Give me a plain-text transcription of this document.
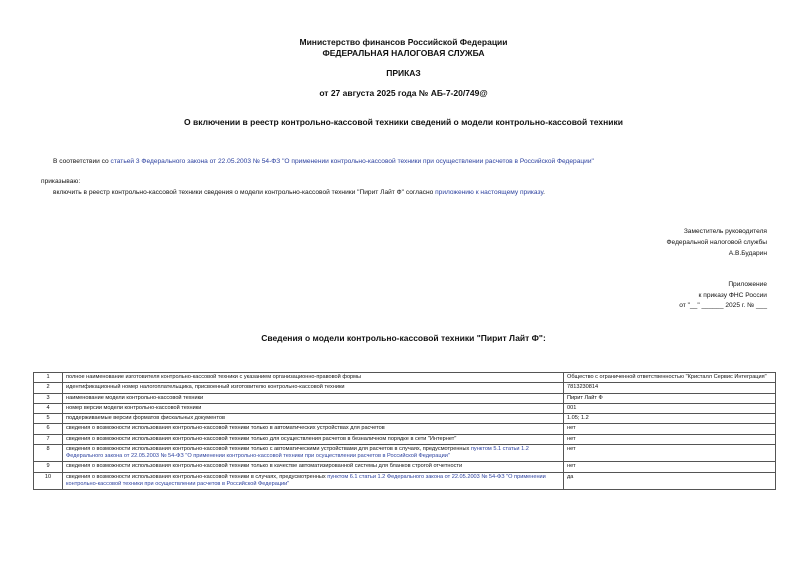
Министерство финансов Российской Федерации
ФЕДЕРАЛЬНАЯ НАЛОГОВАЯ СЛУЖБА
ПРИКАЗ
от 27 августа 2025 года № АБ-7-20/749@
О включении в реестр контрольно-кассовой техники сведений о модели контрольно-кассовой техники
В соответствии со статьей 3 Федерального закона от 22.05.2003 № 54-ФЗ "О применении контрольно-кассовой техники при осуществлении расчетов в Российской Федерации"
приказываю:
включить в реестр контрольно-кассовой техники сведения о модели контрольно-кассовой техники "Пирит Лайт Ф" согласно приложению к настоящему приказу.
Заместитель руководителя
Федеральной налоговой службы
А.В.Бударин
Приложение
к приказу ФНС России
от "__" ______ 2025 г. № ___
Сведения о модели контрольно-кассовой техники "Пирит Лайт Ф":
1	полное наименование изготовителя контрольно-кассовой техники с указанием организационно-правовой формы	Общество с ограниченной ответственностью "Кристалл Сервис Интеграция"
2	идентификационный номер налогоплательщика, присвоенный изготовителю контрольно-кассовой техники	7813230814
3	наименование модели контрольно-кассовой техники	Пирит Лайт Ф
4	номер версии модели контрольно-кассовой техники	001
5	поддерживаемые версии форматов фискальных документов	1.05; 1.2
6	сведения о возможности использования контрольно-кассовой техники только в автоматических устройствах для расчетов	нет
7	сведения о возможности использования контрольно-кассовой техники только для осуществления расчетов в безналичном порядке в сети "Интернет"	нет
8	сведения о возможности использования контрольно-кассовой техники только с автоматическими устройствами для расчетов в случаях, предусмотренных пунктом 5.1 статьи 1.2 Федерального закона от 22.05.2003 № 54-ФЗ "О применении контрольно-кассовой техники при осуществлении расчетов в Российской Федерации"	нет
9	сведения о возможности использования контрольно-кассовой техники только в качестве автоматизированной системы для бланков строгой отчетности	нет
10	сведения о возможности использования контрольно-кассовой техники в случаях, предусмотренных пунктом 6.1 статьи 1.2 Федерального закона от 22.05.2003 № 54-ФЗ "О применении контрольно-кассовой техники при осуществлении расчетов в Российской Федерации"	да
